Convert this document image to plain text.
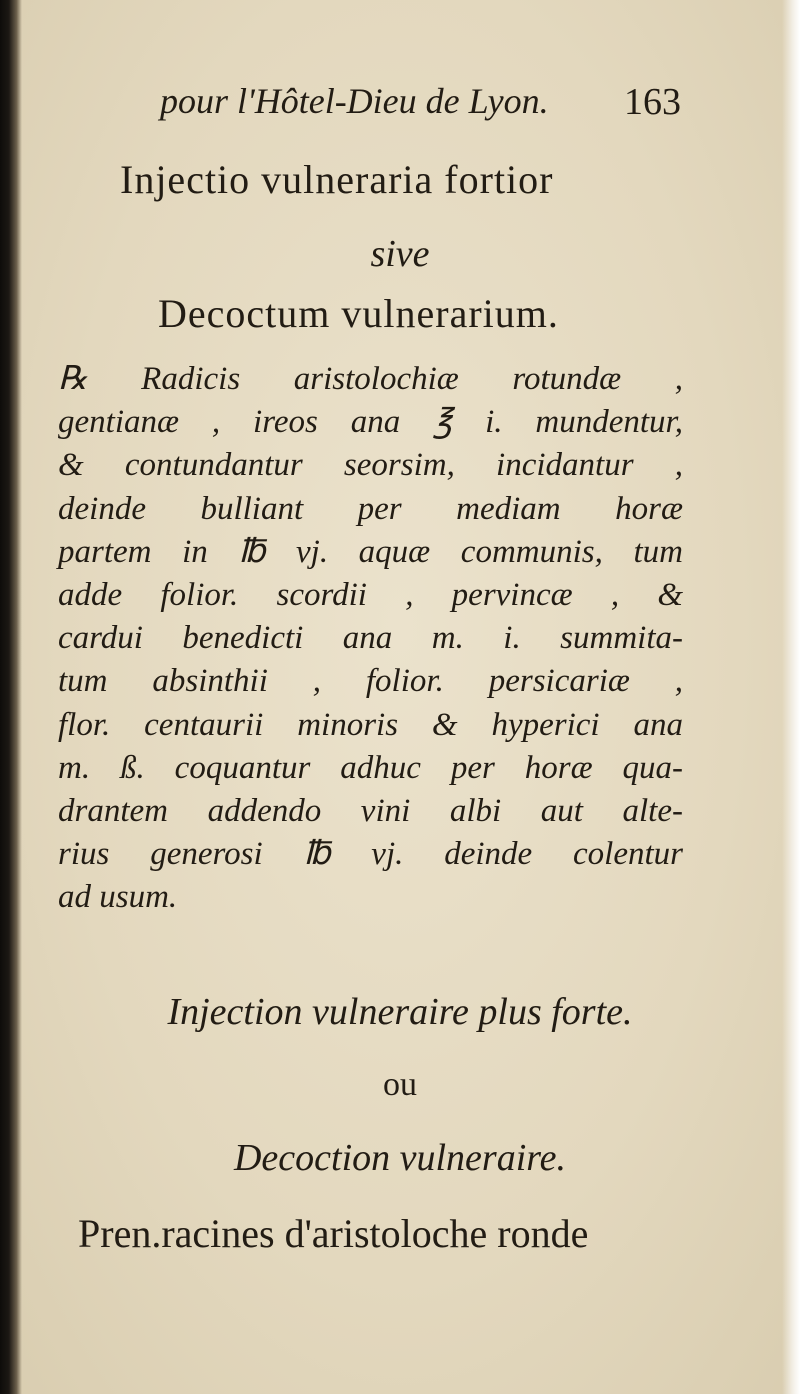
pour l'Hôtel-Dieu de Lyon. 163
Injectio vulneraria fortior
sive
Decoctum vulnerarium.
℞ Radicis aristolochiæ rotundæ ,
gentianæ , ireos ana ℥ i. mundentur,
& contundantur seorsim, incidantur ,
deinde bulliant per mediam horæ
partem in ℔ vj. aquæ communis, tum
adde folior. scordii , pervincæ , &
cardui benedicti ana m. i. summita-
tum absinthii , folior. persicariæ ,
flor. centaurii minoris & hyperici ana
m. ß. coquantur adhuc per horæ qua-
drantem addendo vini albi aut alte-
rius generosi ℔ vj. deinde colentur
ad usum.
Injection vulneraire plus forte.
ou
Decoction vulneraire.
Pren.racines d'aristoloche ronde
